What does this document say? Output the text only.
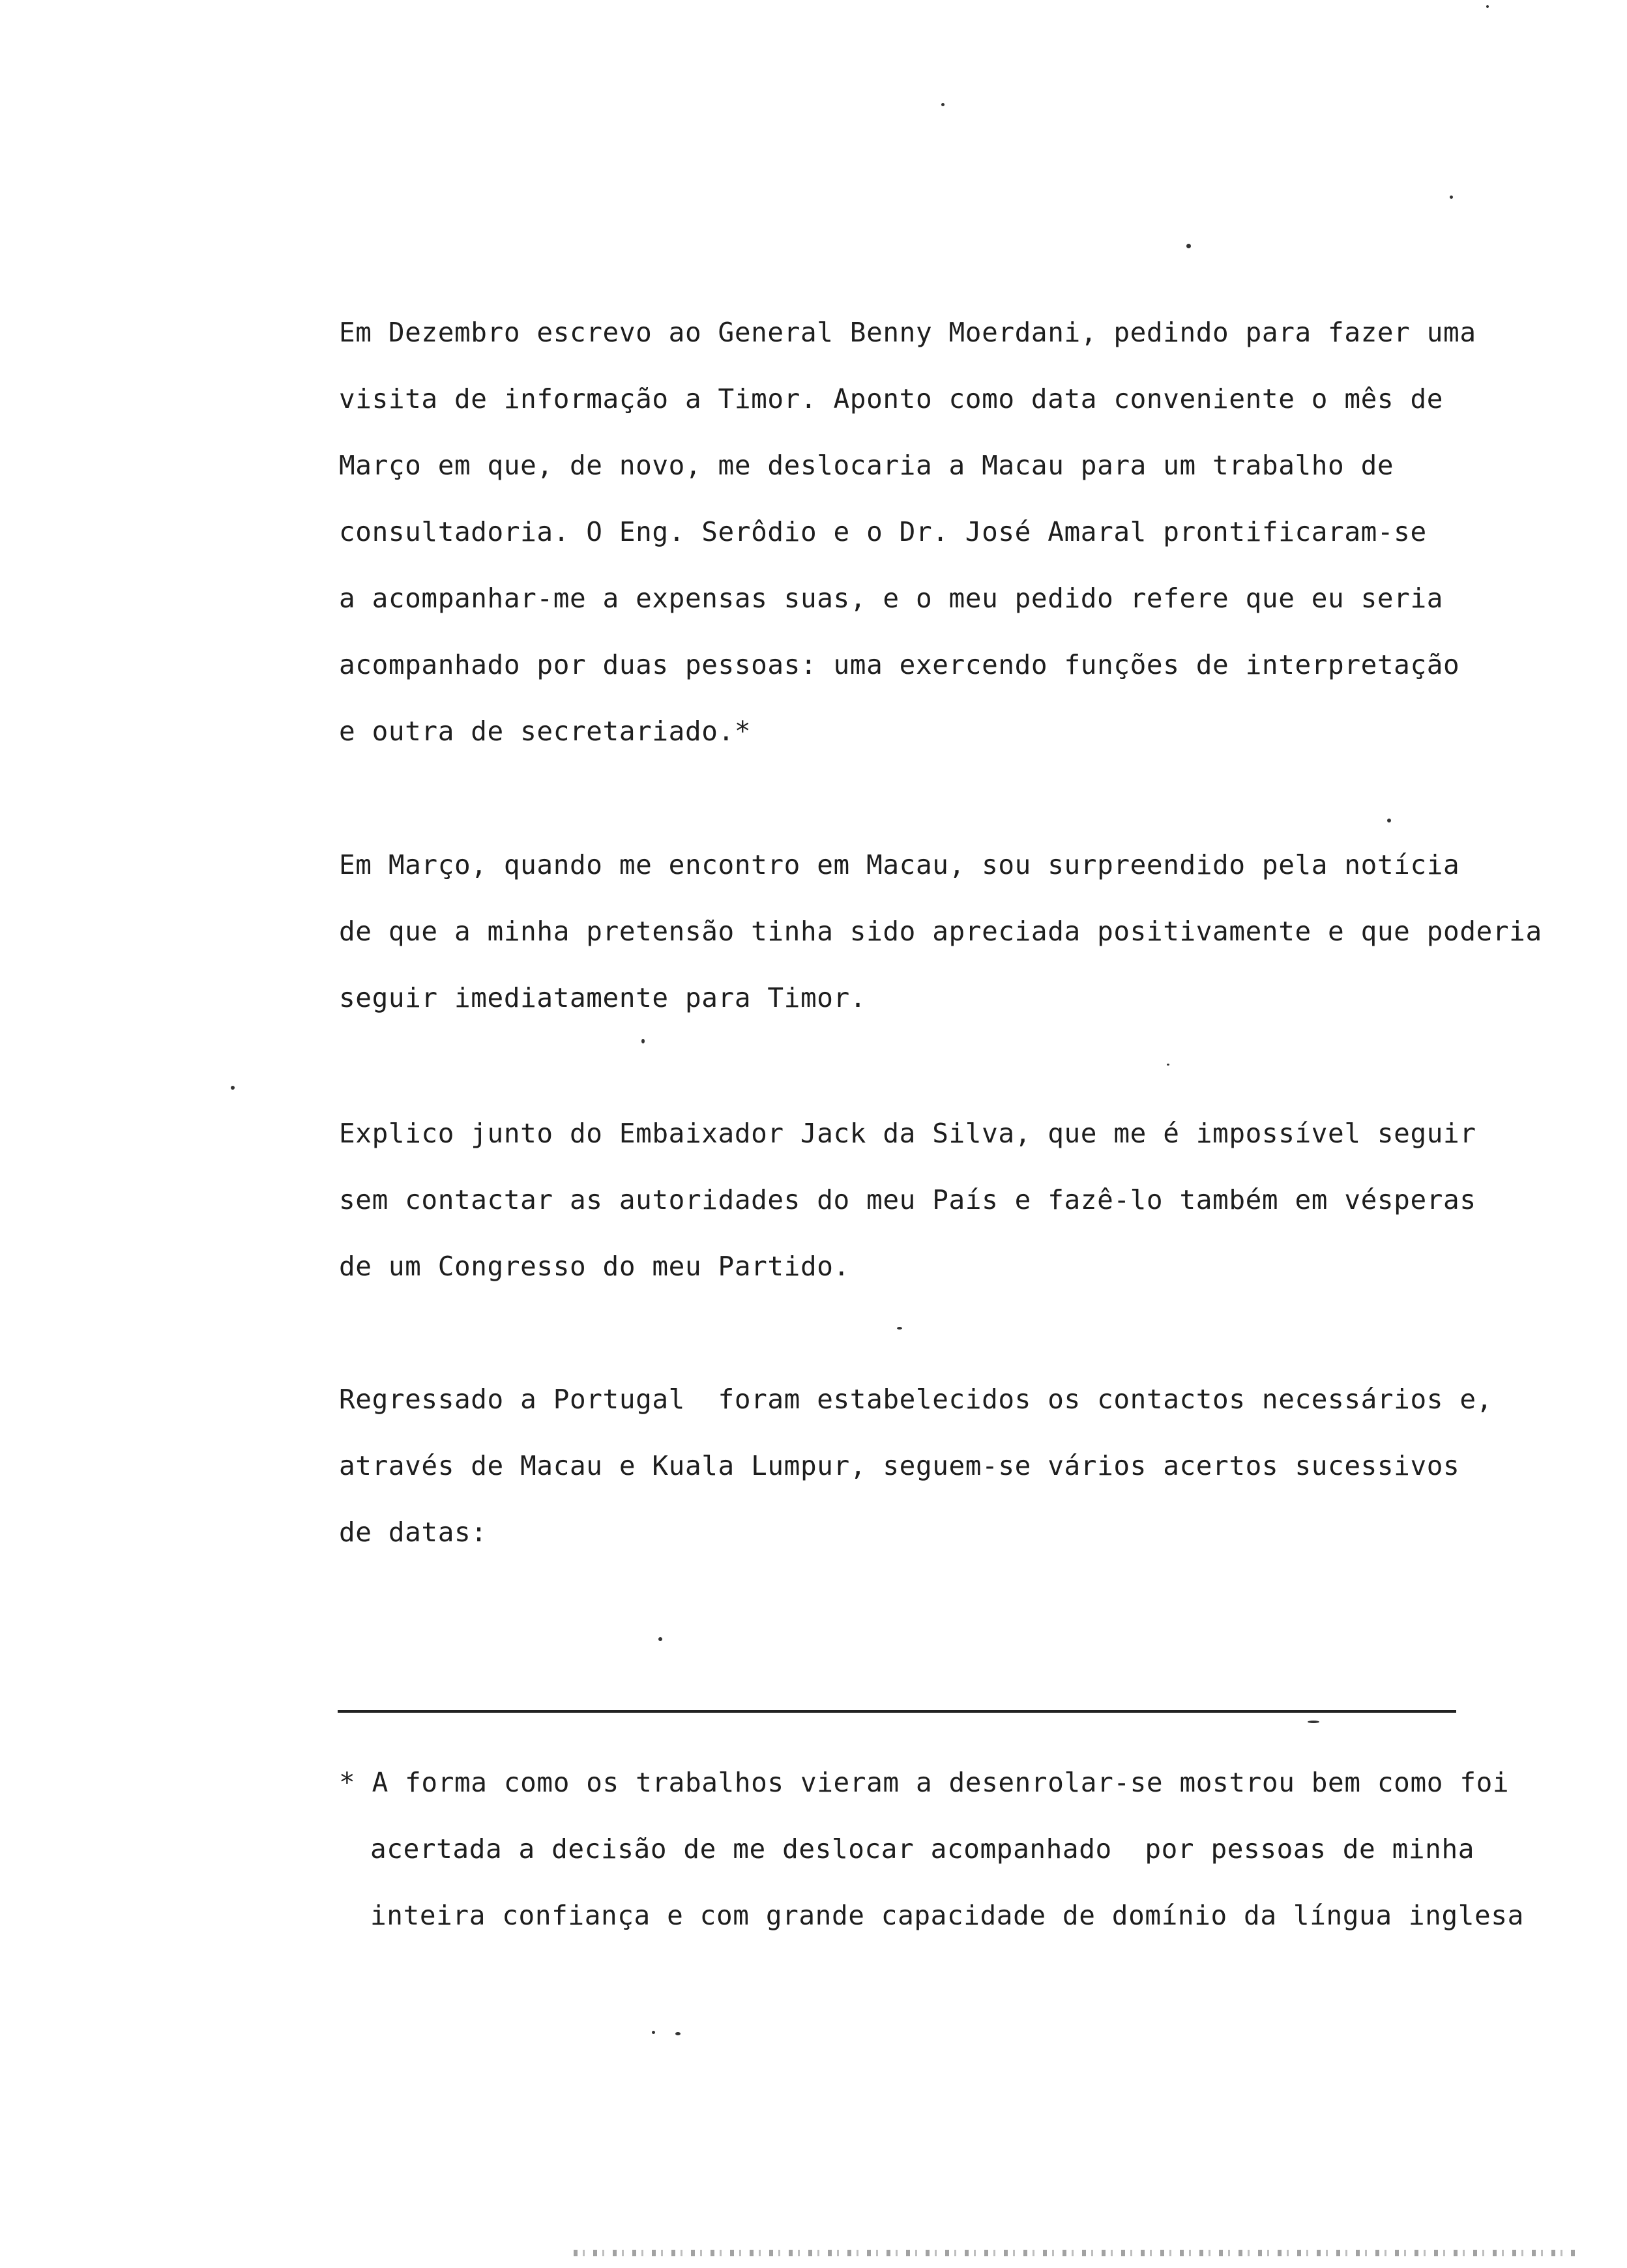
Em Dezembro escrevo ao General Benny Moerdani, pedindo para fazer uma
visita de informação a Timor. Aponto como data conveniente o mês de
Março em que, de novo, me deslocaria a Macau para um trabalho de
consultadoria. O Eng. Serôdio e o Dr. José Amaral prontificaram-se
a acompanhar-me a expensas suas, e o meu pedido refere que eu seria
acompanhado por duas pessoas: uma exercendo funções de interpretação
e outra de secretariado.*
Em Março, quando me encontro em Macau, sou surpreendido pela notícia
de que a minha pretensão tinha sido apreciada positivamente e que poderia
seguir imediatamente para Timor.
Explico junto do Embaixador Jack da Silva, que me é impossível seguir
sem contactar as autoridades do meu País e fazê-lo também em vésperas
de um Congresso do meu Partido.
Regressado a Portugal  foram estabelecidos os contactos necessários e,
através de Macau e Kuala Lumpur, seguem-se vários acertos sucessivos
de datas:
* A forma como os trabalhos vieram a desenrolar-se mostrou bem como foi
acertada a decisão de me deslocar acompanhado  por pessoas de minha
inteira confiança e com grande capacidade de domínio da língua inglesa
